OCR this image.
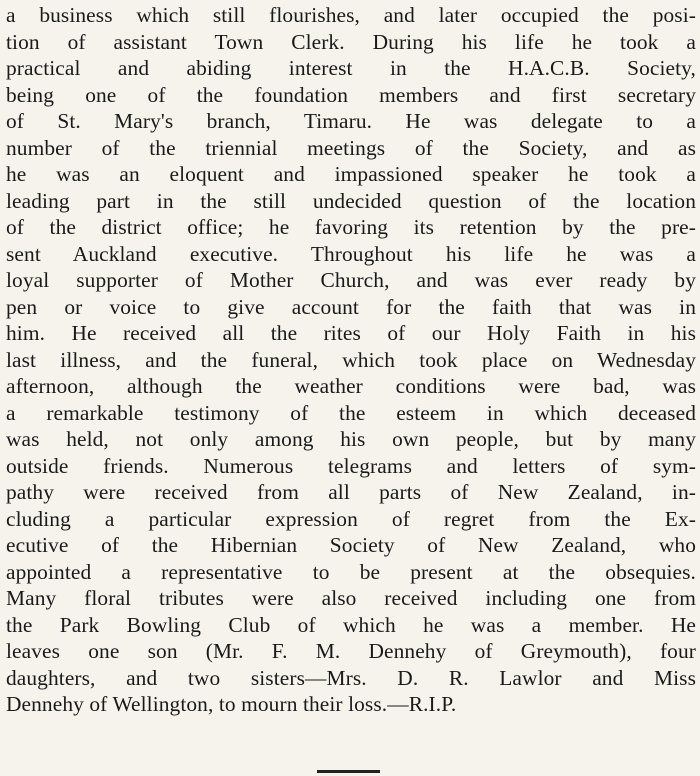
a business which still flourishes, and later occupied the posi-
tion of assistant Town Clerk. During his life he took a
practical and abiding interest in the H.A.C.B. Society,
being one of the foundation members and first secretary
of St. Mary's branch, Timaru. He was delegate to a
number of the triennial meetings of the Society, and as
he was an eloquent and impassioned speaker he took a
leading part in the still undecided question of the location
of the district office; he favoring its retention by the pre-
sent Auckland executive. Throughout his life he was a
loyal supporter of Mother Church, and was ever ready by
pen or voice to give account for the faith that was in
him. He received all the rites of our Holy Faith in his
last illness, and the funeral, which took place on Wednesday
afternoon, although the weather conditions were bad, was
a remarkable testimony of the esteem in which deceased
was held, not only among his own people, but by many
outside friends. Numerous telegrams and letters of sym-
pathy were received from all parts of New Zealand, in-
cluding a particular expression of regret from the Ex-
ecutive of the Hibernian Society of New Zealand, who
appointed a representative to be present at the obsequies.
Many floral tributes were also received including one from
the Park Bowling Club of which he was a member. He
leaves one son (Mr. F. M. Dennehy of Greymouth), four
daughters, and two sisters—Mrs. D. R. Lawlor and Miss
Dennehy of Wellington, to mourn their loss.—R.I.P.
